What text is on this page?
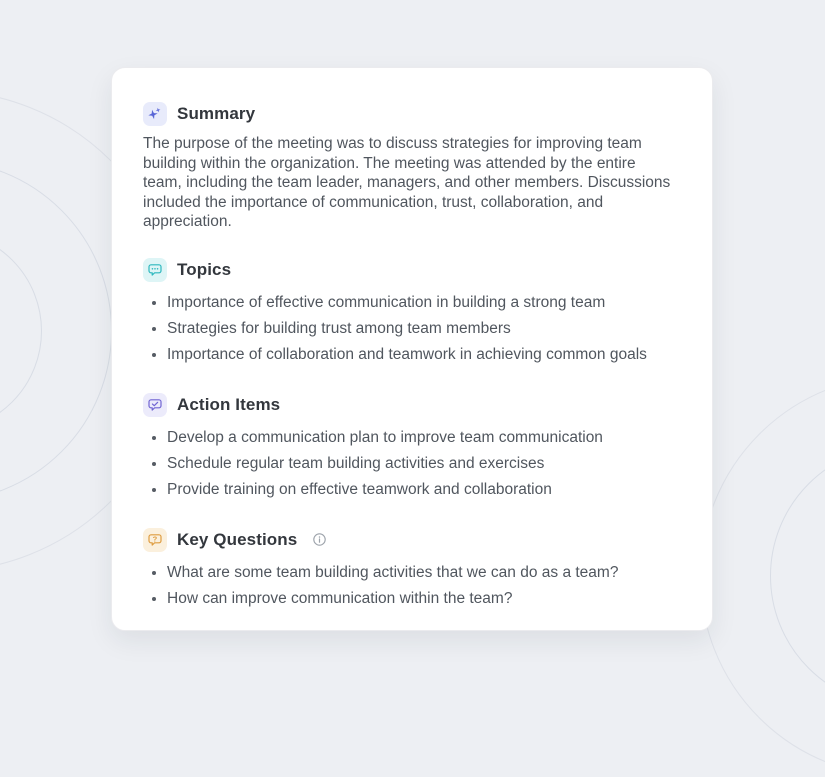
Summary

The purpose of the meeting was to discuss strategies for improving team building within the organization. The meeting was attended by the entire team, including the team leader, managers, and other members. Discussions included the importance of communication, trust, collaboration, and appreciation.

Topics
• Importance of effective communication in building a strong team
• Strategies for building trust among team members
• Importance of collaboration and teamwork in achieving common goals
Action Items
• Develop a communication plan to improve team communication
• Schedule regular team building activities and exercises
• Provide training on effective teamwork and collaboration
? Key Questions
• What are some team building activities that we can do as a team?
• How can improve communication within the team?
